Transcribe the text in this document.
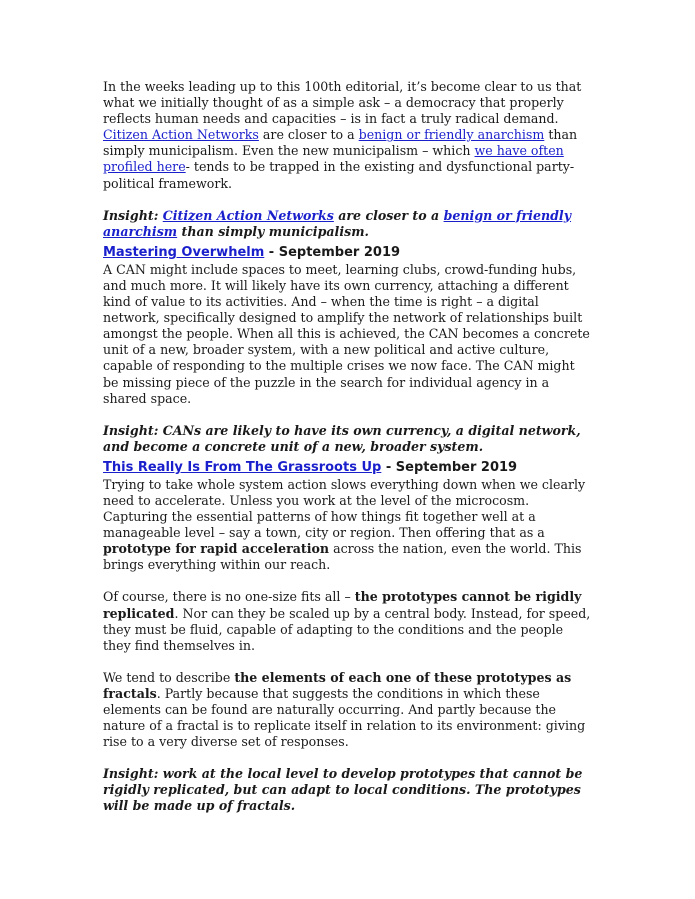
In the weeks leading up to this 100th editorial, it’s become clear to us that what we initially thought of as a simple ask – a democracy that properly reflects human needs and capacities – is in fact a truly radical demand. Citizen Action Networks are closer to a benign or friendly anarchism than simply municipalism. Even the new municipalism – which we have often profiled here- tends to be trapped in the existing and dysfunctional party-political framework.

Insight: Citizen Action Networks are closer to a benign or friendly anarchism than simply municipalism.

Mastering Overwhelm - September 2019

A CAN might include spaces to meet, learning clubs, crowd-funding hubs, and much more. It will likely have its own currency, attaching a different kind of value to its activities. And – when the time is right – a digital network, specifically designed to amplify the network of relationships built amongst the people. When all this is achieved, the CAN becomes a concrete unit of a new, broader system, with a new political and active culture, capable of responding to the multiple crises we now face. The CAN might be missing piece of the puzzle in the search for individual agency in a shared space.

Insight: CANs are likely to have its own currency, a digital network, and become a concrete unit of a new, broader system.

This Really Is From The Grassroots Up - September 2019

Trying to take whole system action slows everything down when we clearly need to accelerate. Unless you work at the level of the microcosm. Capturing the essential patterns of how things fit together well at a manageable level – say a town, city or region. Then offering that as a prototype for rapid acceleration across the nation, even the world. This brings everything within our reach.

Of course, there is no one-size fits all – the prototypes cannot be rigidly replicated. Nor can they be scaled up by a central body. Instead, for speed, they must be fluid, capable of adapting to the conditions and the people they find themselves in.

We tend to describe the elements of each one of these prototypes as fractals. Partly because that suggests the conditions in which these elements can be found are naturally occurring. And partly because the nature of a fractal is to replicate itself in relation to its environment: giving rise to a very diverse set of responses.

Insight: work at the local level to develop prototypes that cannot be rigidly replicated, but can adapt to local conditions. The prototypes will be made up of fractals.
